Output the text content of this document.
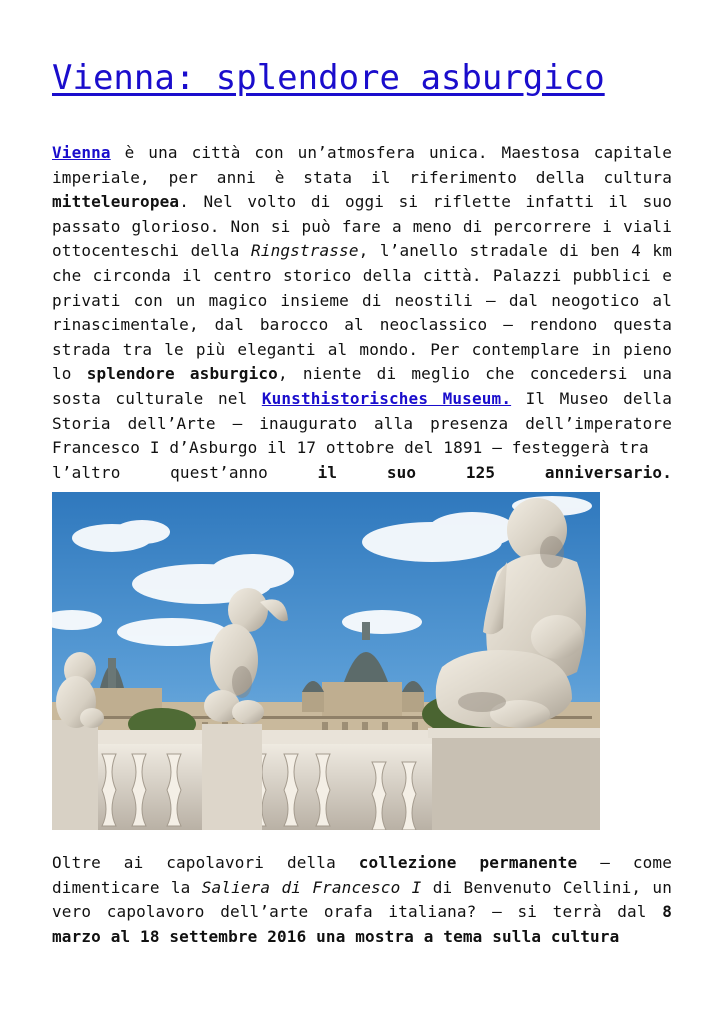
Vienna: splendore asburgico
Vienna è una città con un’atmosfera unica. Maestosa capitale imperiale, per anni è stata il riferimento della cultura mitteleuropea. Nel volto di oggi si riflette infatti il suo passato glorioso. Non si può fare a meno di percorrere i viali ottocenteschi della Ringstrasse, l’anello stradale di ben 4 km che circonda il centro storico della città. Palazzi pubblici e privati con un magico insieme di neostili – dal neogotico al rinascimentale, dal barocco al neoclassico – rendono questa strada tra le più eleganti al mondo. Per contemplare in pieno lo splendore asburgico, niente di meglio che concedersi una sosta culturale nel Kunsthistorisches Museum. Il Museo della Storia dell’Arte – inaugurato alla presenza dell’imperatore Francesco I d’Asburgo il 17 ottobre del 1891 – festeggerà tra
l’altro quest’anno il suo 125 anniversario.
Oltre ai capolavori della collezione permanente – come dimenticare la Saliera di Francesco I di Benvenuto Cellini, un vero capolavoro dell’arte orafa italiana? – si terrà dal 8 marzo al 18 settembre 2016 una mostra a tema sulla cultura
